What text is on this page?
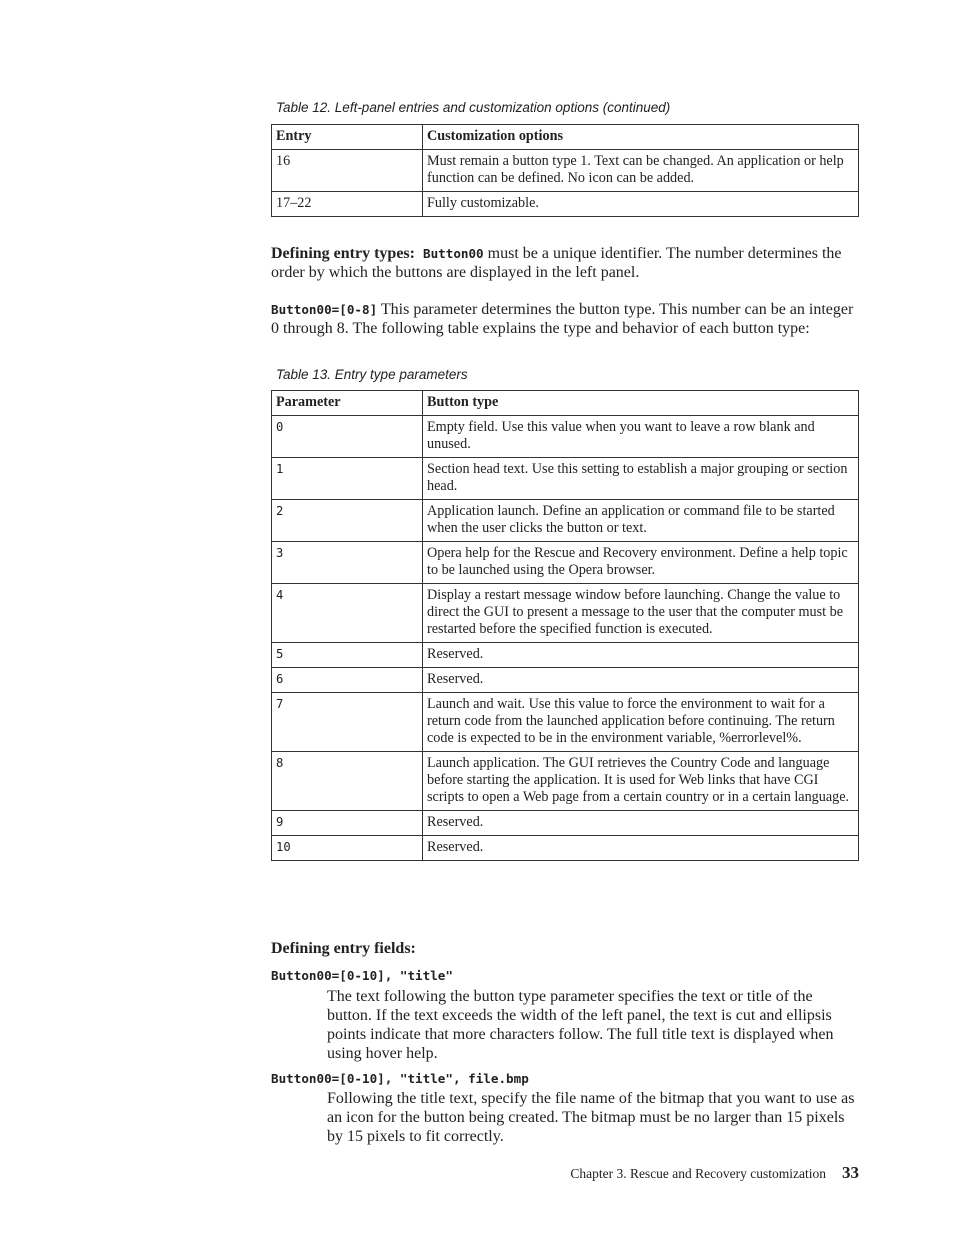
Table 12. Left-panel entries and customization options (continued)
Entry	Customization options
16	Must remain a button type 1. Text can be changed. An application or help function can be defined. No icon can be added.
17–22	Fully customizable.
Defining entry types: Button00 must be a unique identifier. The number determines the order by which the buttons are displayed in the left panel.
Button00=[0-8] This parameter determines the button type. This number can be an integer 0 through 8. The following table explains the type and behavior of each button type:
Table 13. Entry type parameters
Parameter	Button type
0	Empty field. Use this value when you want to leave a row blank and unused.
1	Section head text. Use this setting to establish a major grouping or section head.
2	Application launch. Define an application or command file to be started when the user clicks the button or text.
3	Opera help for the Rescue and Recovery environment. Define a help topic to be launched using the Opera browser.
4	Display a restart message window before launching. Change the value to direct the GUI to present a message to the user that the computer must be restarted before the specified function is executed.
5	Reserved.
6	Reserved.
7	Launch and wait. Use this value to force the environment to wait for a return code from the launched application before continuing. The return code is expected to be in the environment variable, %errorlevel%.
8	Launch application. The GUI retrieves the Country Code and language before starting the application. It is used for Web links that have CGI scripts to open a Web page from a certain country or in a certain language.
9	Reserved.
10	Reserved.
Defining entry fields:
Button00=[0-10], "title"
The text following the button type parameter specifies the text or title of the button. If the text exceeds the width of the left panel, the text is cut and ellipsis points indicate that more characters follow. The full title text is displayed when using hover help.
Button00=[0-10], "title", file.bmp
Following the title text, specify the file name of the bitmap that you want to use as an icon for the button being created. The bitmap must be no larger than 15 pixels by 15 pixels to fit correctly.
Chapter 3. Rescue and Recovery customization 33
